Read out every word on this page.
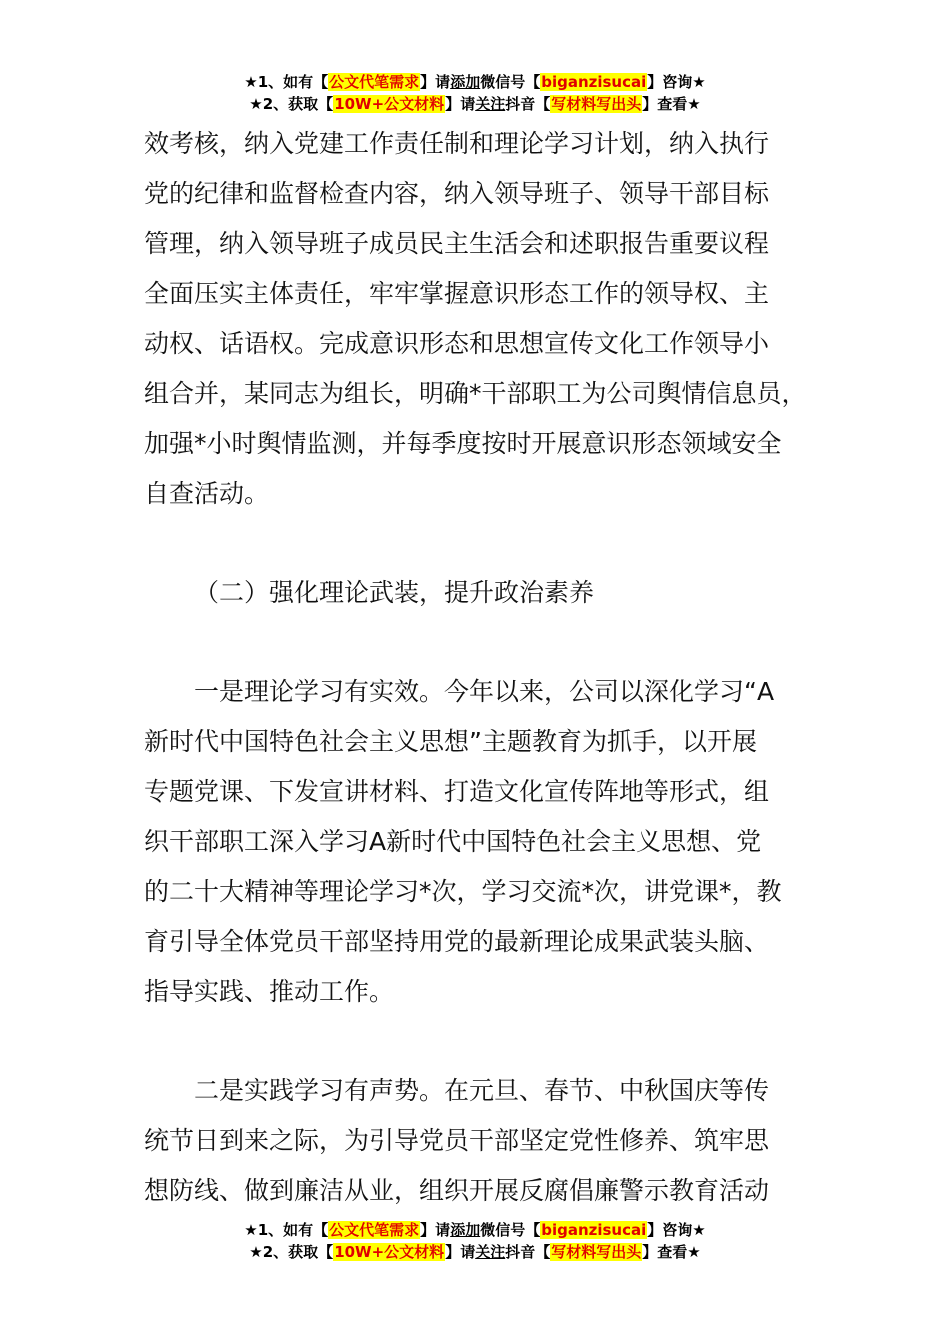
★1、如有【公文代笔需求】请添加微信号【biganzisucai】咨询★
★2、获取【10W+公文材料】请关注抖音【写材料写出头】查看★
效考核，纳入党建工作责任制和理论学习计划，纳入执行
党的纪律和监督检查内容，纳入领导班子、领导干部目标
管理，纳入领导班子成员民主生活会和述职报告重要议程
全面压实主体责任，牢牢掌握意识形态工作的领导权、主
动权、话语权。完成意识形态和思想宣传文化工作领导小
组合并，某同志为组长，明确*干部职工为公司舆情信息员，
加强*小时舆情监测，并每季度按时开展意识形态领域安全
自查活动。
（二）强化理论武装，提升政治素养
一是理论学习有实效。今年以来，公司以深化学习“A
新时代中国特色社会主义思想”主题教育为抓手，以开展
专题党课、下发宣讲材料、打造文化宣传阵地等形式，组
织干部职工深入学习A新时代中国特色社会主义思想、党
的二十大精神等理论学习*次，学习交流*次，讲党课*，教
育引导全体党员干部坚持用党的最新理论成果武装头脑、
指导实践、推动工作。
二是实践学习有声势。在元旦、春节、中秋国庆等传
统节日到来之际，为引导党员干部坚定党性修养、筑牢思
想防线、做到廉洁从业，组织开展反腐倡廉警示教育活动
★1、如有【公文代笔需求】请添加微信号【biganzisucai】咨询★
★2、获取【10W+公文材料】请关注抖音【写材料写出头】查看★
